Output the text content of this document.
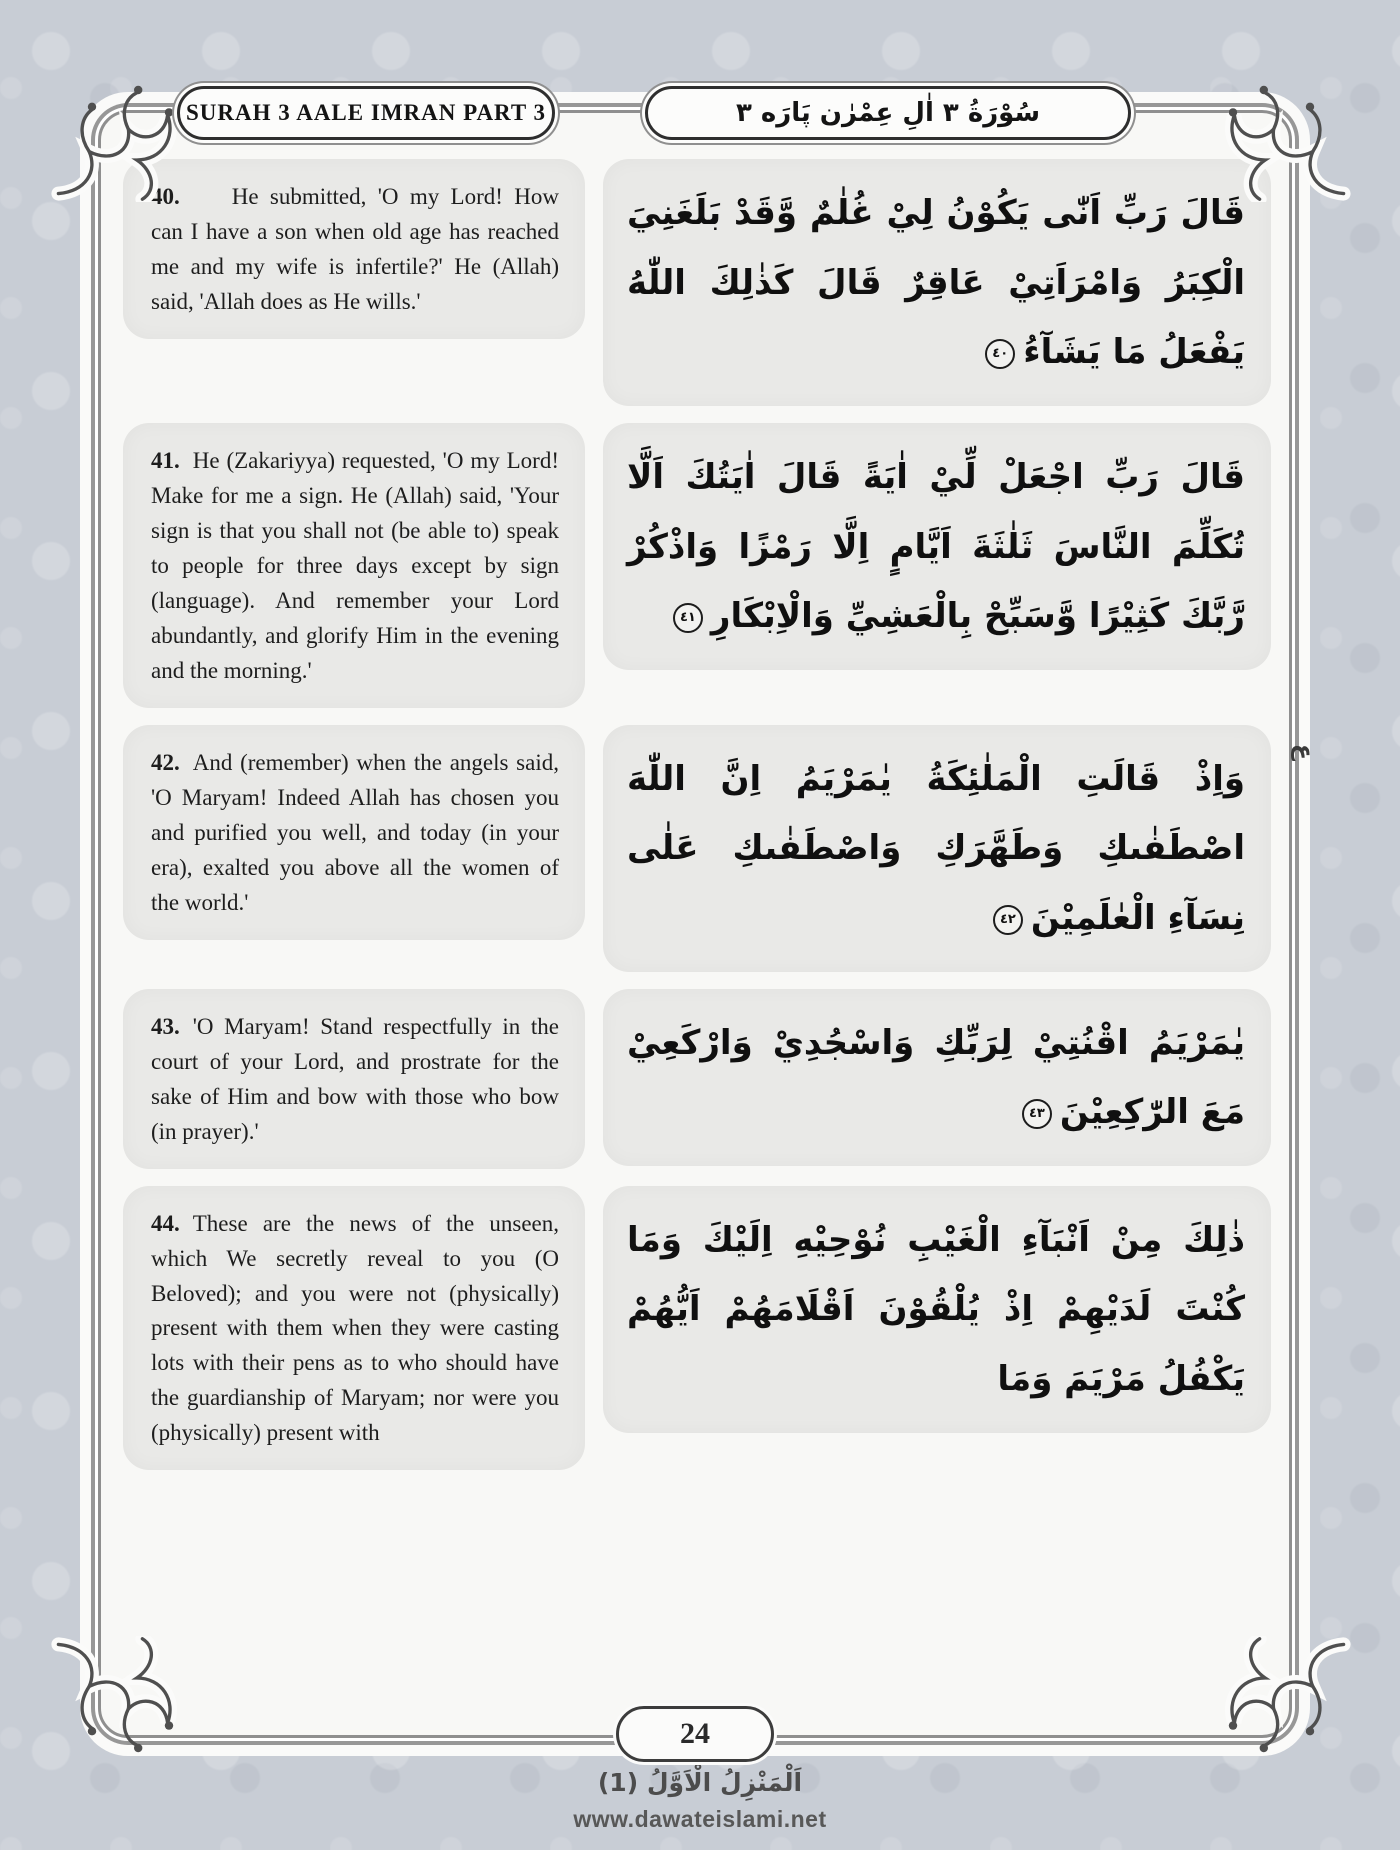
SURAH 3 AALE IMRAN PART 3	سُوْرَةُ ٣ اٰلِ عِمْرٰن پَارَه ٣
40. He submitted, 'O my Lord! How can I have a son when old age has reached me and my wife is infertile?' He (Allah) said, 'Allah does as He wills.'
قَالَ رَبِّ اَنّٰى يَكُوْنُ لِيْ غُلٰمٌ وَّقَدْ بَلَغَنِيَ الْكِبَرُ وَامْرَاَتِيْ عَاقِرٌ قَالَ كَذٰلِكَ اللّٰهُ يَفْعَلُ مَا يَشَآءُ٤٠
41. He (Zakariyya) requested, 'O my Lord! Make for me a sign. He (Allah) said, 'Your sign is that you shall not (be able to) speak to people for three days except by sign (language). And remember your Lord abundantly, and glorify Him in the evening and the morning.'
قَالَ رَبِّ اجْعَلْ لِّيْ اٰيَةً قَالَ اٰيَتُكَ اَلَّا تُكَلِّمَ النَّاسَ ثَلٰثَةَ اَيَّامٍ اِلَّا رَمْزًا وَاذْكُرْ رَّبَّكَ كَثِيْرًا وَّسَبِّحْ بِالْعَشِيِّ وَالْاِبْكَارِ٤١
42. And (remember) when the angels said, 'O Maryam! Indeed Allah has chosen you and purified you well, and today (in your era), exalted you above all the women of the world.'
وَاِذْ قَالَتِ الْمَلٰئِكَةُ يٰمَرْيَمُ اِنَّ اللّٰهَ اصْطَفٰىكِ وَطَهَّرَكِ وَاصْطَفٰىكِ عَلٰى نِسَآءِ الْعٰلَمِيْنَ٤٢
43. 'O Maryam! Stand respectfully in the court of your Lord, and prostrate for the sake of Him and bow with those who bow (in prayer).'
يٰمَرْيَمُ اقْنُتِيْ لِرَبِّكِ وَاسْجُدِيْ وَارْكَعِيْ مَعَ الرّٰكِعِيْنَ٤٣
44. These are the news of the unseen, which We secretly reveal to you (O Beloved); and you were not (physically) present with them when they were casting lots with their pens as to who should have the guardianship of Maryam; nor were you (physically) present with
ذٰلِكَ مِنْ اَنْبَآءِ الْغَيْبِ نُوْحِيْهِ اِلَيْكَ وَمَا كُنْتَ لَدَيْهِمْ اِذْ يُلْقُوْنَ اَقْلَامَهُمْ اَيُّهُمْ يَكْفُلُ مَرْيَمَ وَمَا
24
ع
اَلْمَنْزِلُ الْاَوَّلُ (1)
www.dawateislami.net
